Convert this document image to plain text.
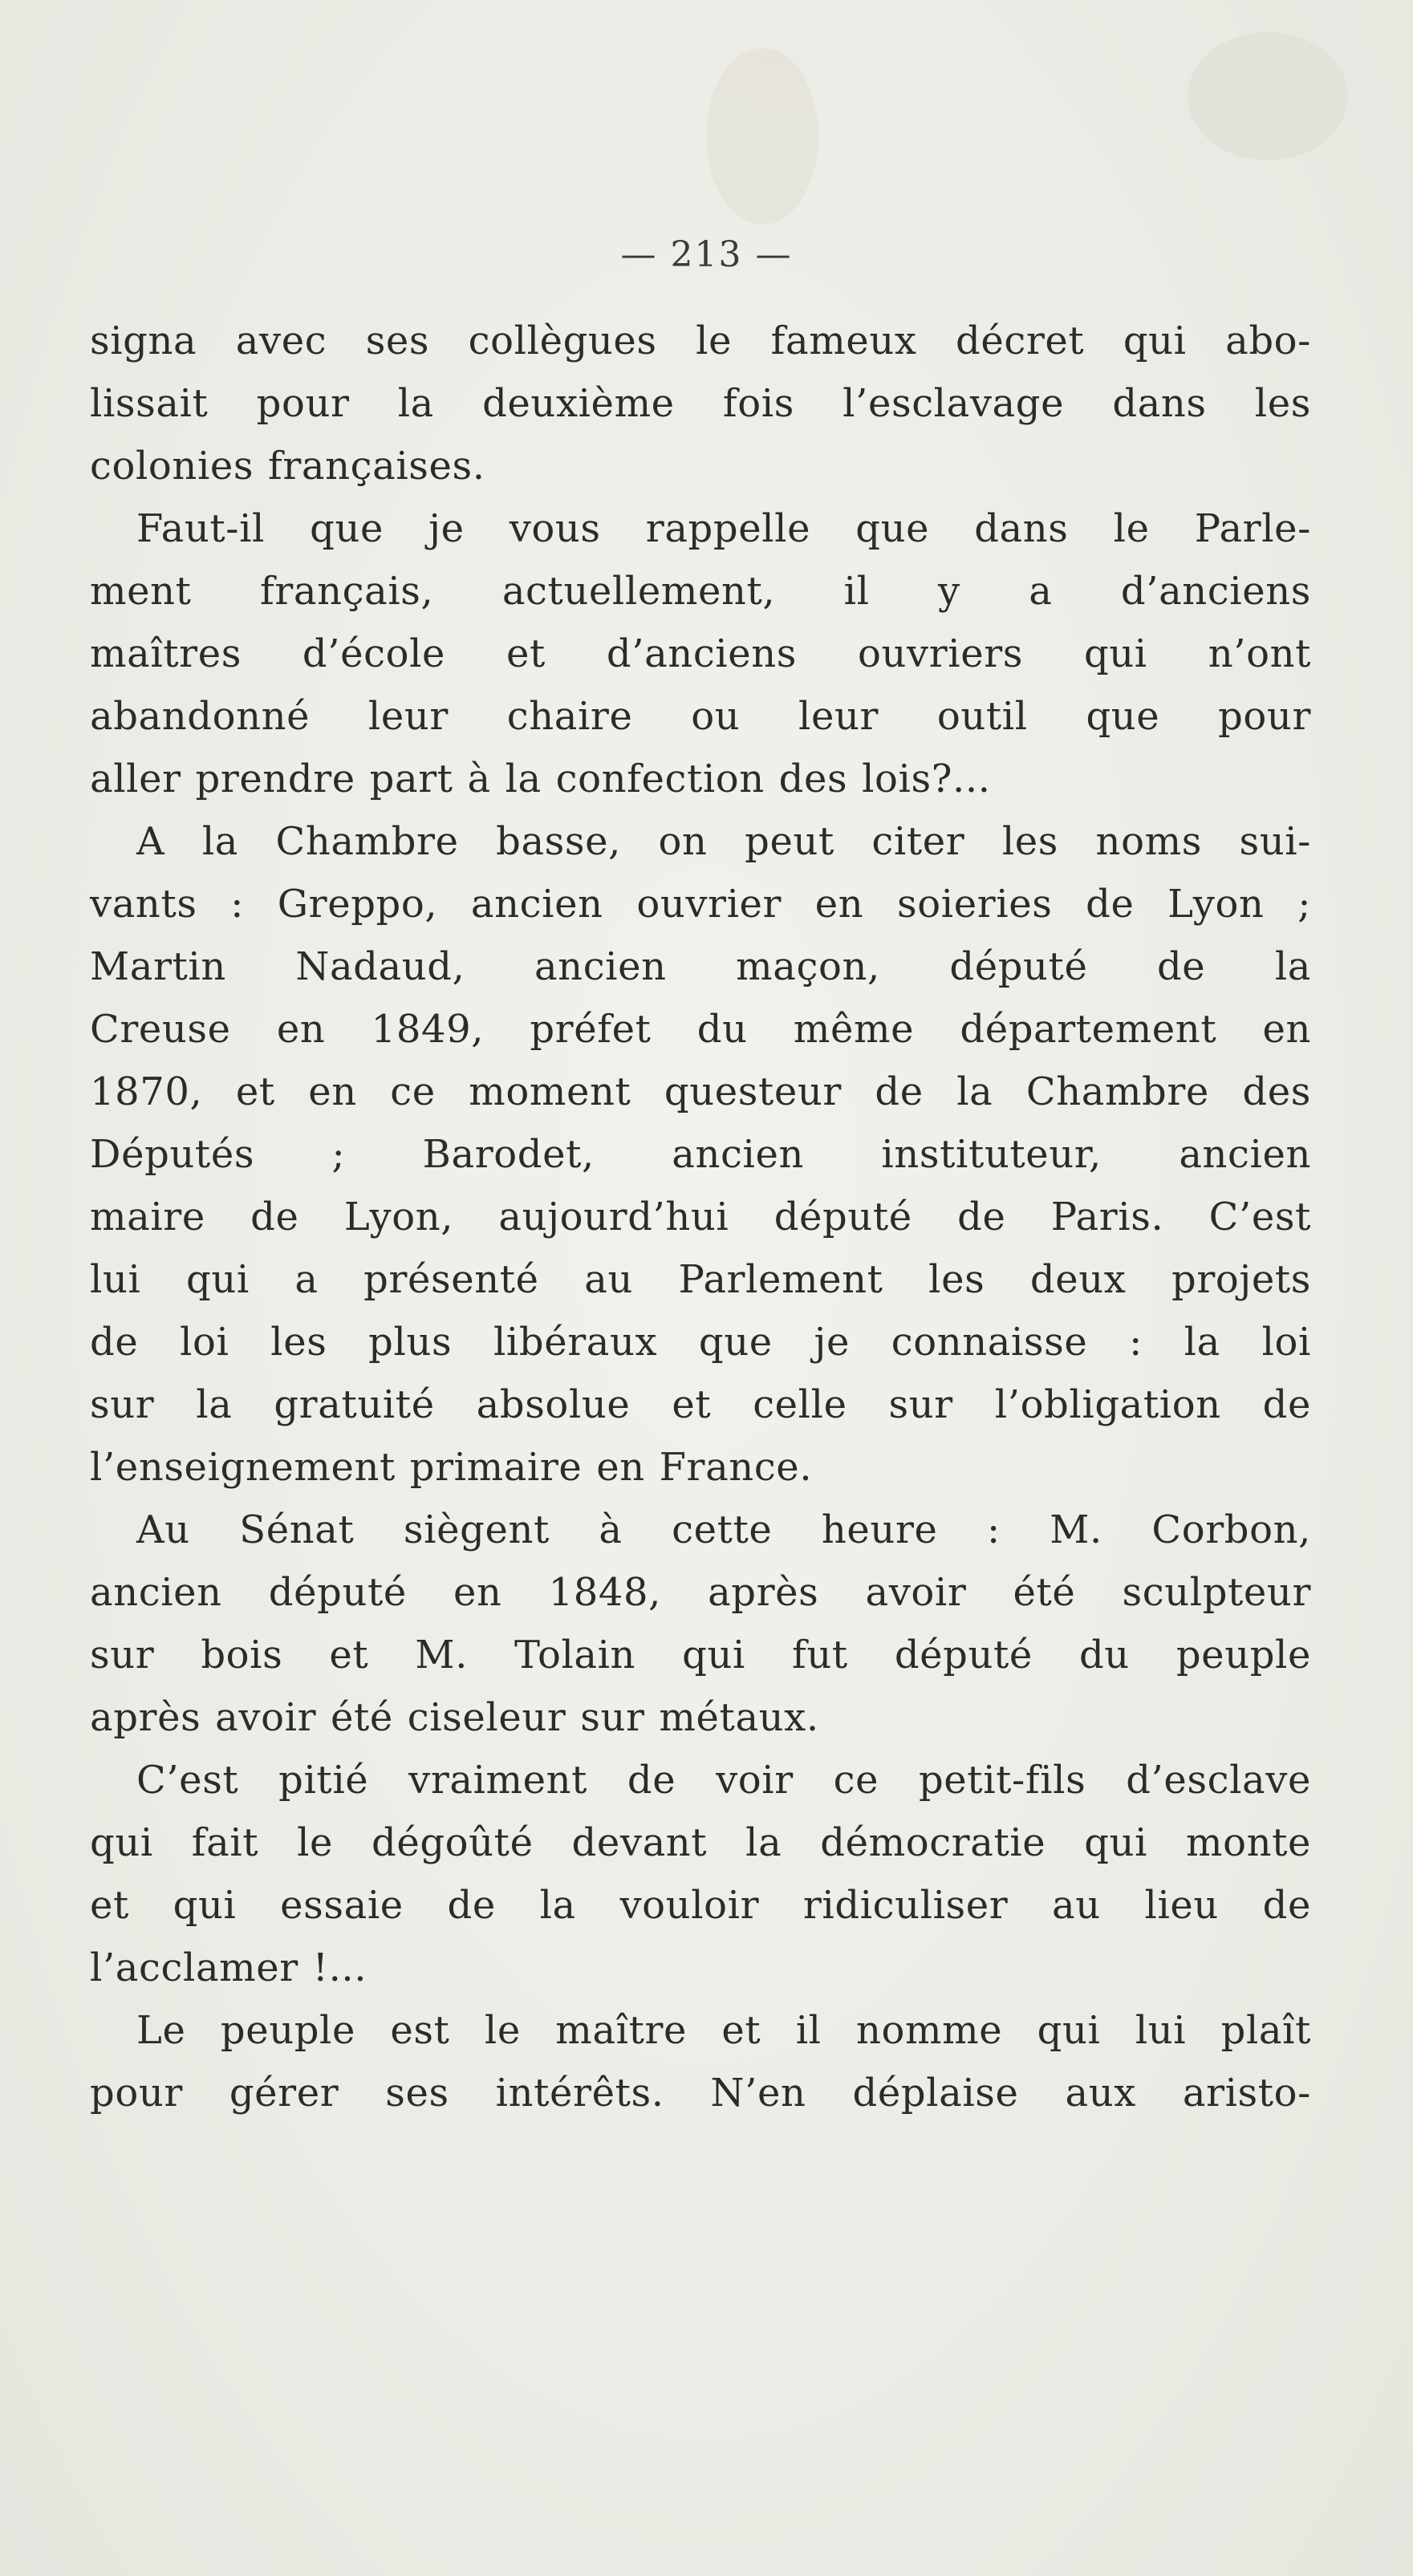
— 213 —
signa avec ses collègues le fameux décret qui abo-
lissait pour la deuxième fois l’esclavage dans les
colonies françaises.
Faut-il que je vous rappelle que dans le Parle-
ment français, actuellement, il y a d’anciens
maîtres d’école et d’anciens ouvriers qui n’ont
abandonné leur chaire ou leur outil que pour
aller prendre part à la confection des lois?...
A la Chambre basse, on peut citer les noms sui-
vants : Greppo, ancien ouvrier en soieries de Lyon ;
Martin Nadaud, ancien maçon, député de la
Creuse en 1849, préfet du même département en
1870, et en ce moment questeur de la Chambre des
Députés ; Barodet, ancien instituteur, ancien
maire de Lyon, aujourd’hui député de Paris. C’est
lui qui a présenté au Parlement les deux projets
de loi les plus libéraux que je connaisse : la loi
sur la gratuité absolue et celle sur l’obligation de
l’enseignement primaire en France.
Au Sénat siègent à cette heure : M. Corbon,
ancien député en 1848, après avoir été sculpteur
sur bois et M. Tolain qui fut député du peuple
après avoir été ciseleur sur métaux.
C’est pitié vraiment de voir ce petit-fils d’esclave
qui fait le dégoûté devant la démocratie qui monte
et qui essaie de la vouloir ridiculiser au lieu de
l’acclamer !...
Le peuple est le maître et il nomme qui lui plaît
pour gérer ses intérêts. N’en déplaise aux aristo-
